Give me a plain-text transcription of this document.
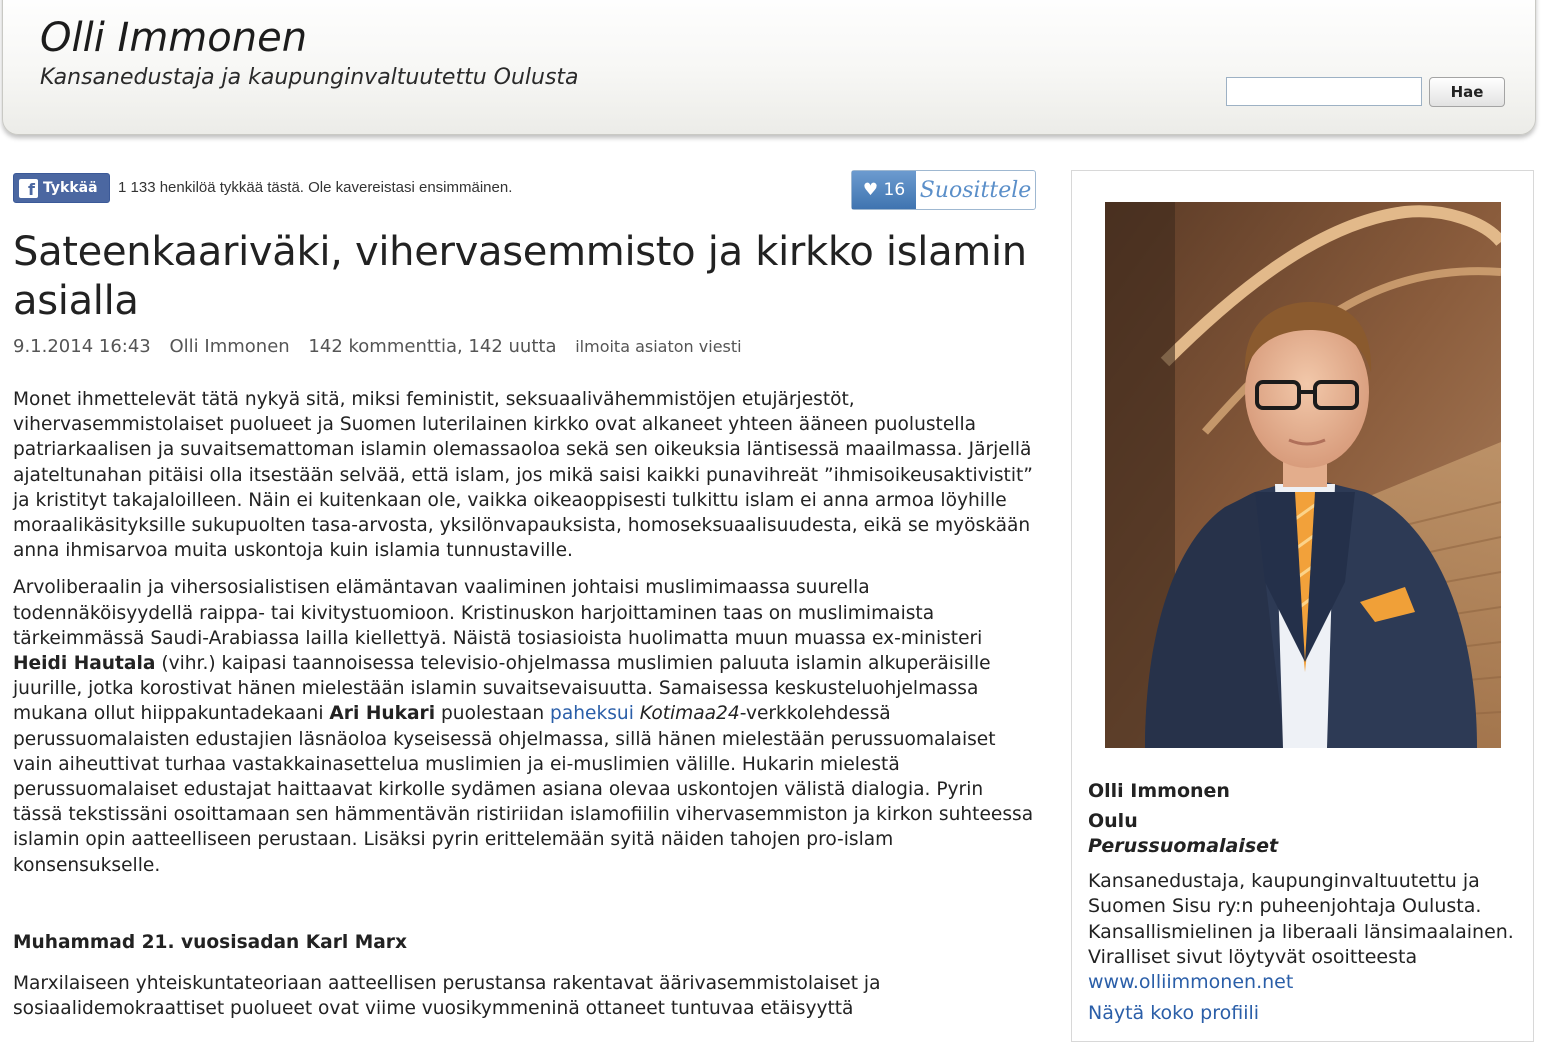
Olli Immonen
Kansanedustaja ja kaupunginvaltuutettu Oulusta
Hae
f Tykkää 1 133 henkilöä tykkää tästä. Ole kavereistasi ensimmäinen.	♥ 16 Suosittele
Sateenkaariväki, vihervasemmisto ja kirkko islamin asialla
9.1.2014 16:43 Olli Immonen 142 kommenttia, 142 uutta ilmoita asiaton viesti

Monet ihmettelevät tätä nykyä sitä, miksi feministit, seksuaalivähemmistöjen etujärjestöt, vihervasemmistolaiset puolueet ja Suomen luterilainen kirkko ovat alkaneet yhteen ääneen puolustella patriarkaalisen ja suvaitsemattoman islamin olemassaoloa sekä sen oikeuksia läntisessä maailmassa. Järjellä ajateltunahan pitäisi olla itsestään selvää, että islam, jos mikä saisi kaikki punavihreät ”ihmisoikeusaktivistit” ja kristityt takajaloilleen. Näin ei kuitenkaan ole, vaikka oikeaoppisesti tulkittu islam ei anna armoa löyhille moraalikäsityksille sukupuolten tasa-arvosta, yksilönvapauksista, homoseksuaalisuudesta, eikä se myöskään anna ihmisarvoa muita uskontoja kuin islamia tunnustaville.

Arvoliberaalin ja vihersosialistisen elämäntavan vaaliminen johtaisi muslimimaassa suurella todennäköisyydellä raippa- tai kivitystuomioon. Kristinuskon harjoittaminen taas on muslimimaista tärkeimmässä Saudi-Arabiassa lailla kiellettyä. Näistä tosiasioista huolimatta muun muassa ex-ministeri Heidi Hautala (vihr.) kaipasi taannoisessa televisio-ohjelmassa muslimien paluuta islamin alkuperäisille juurille, jotka korostivat hänen mielestään islamin suvaitsevaisuutta. Samaisessa keskusteluohjelmassa mukana ollut hiippakuntadekaani Ari Hukari puolestaan paheksui Kotimaa24-verkkolehdessä perussuomalaisten edustajien läsnäoloa kyseisessä ohjelmassa, sillä hänen mielestään perussuomalaiset vain aiheuttivat turhaa vastakkainasettelua muslimien ja ei-muslimien välille. Hukarin mielestä perussuomalaiset edustajat haittaavat kirkolle sydämen asiana olevaa uskontojen välistä dialogia. Pyrin tässä tekstissäni osoittamaan sen hämmentävän ristiriidan islamofiilin vihervasemmiston ja kirkon suhteessa islamin opin aatteelliseen perustaan. Lisäksi pyrin erittelemään syitä näiden tahojen pro-islam konsensukselle.

Muhammad 21. vuosisadan Karl Marx

Marxilaiseen yhteiskuntateoriaan aatteellisen perustansa rakentavat äärivasemmistolaiset ja sosiaalidemokraattiset puolueet ovat viime vuosikymmeninä ottaneet tuntuvaa etäisyyttä

Olli Immonen
Oulu
Perussuomalaiset
Kansanedustaja, kaupunginvaltuutettu ja Suomen Sisu ry:n puheenjohtaja Oulusta. Kansallismielinen ja liberaali länsimaalainen. Viralliset sivut löytyvät osoitteesta www.olliimmonen.net
Näytä koko profiili
